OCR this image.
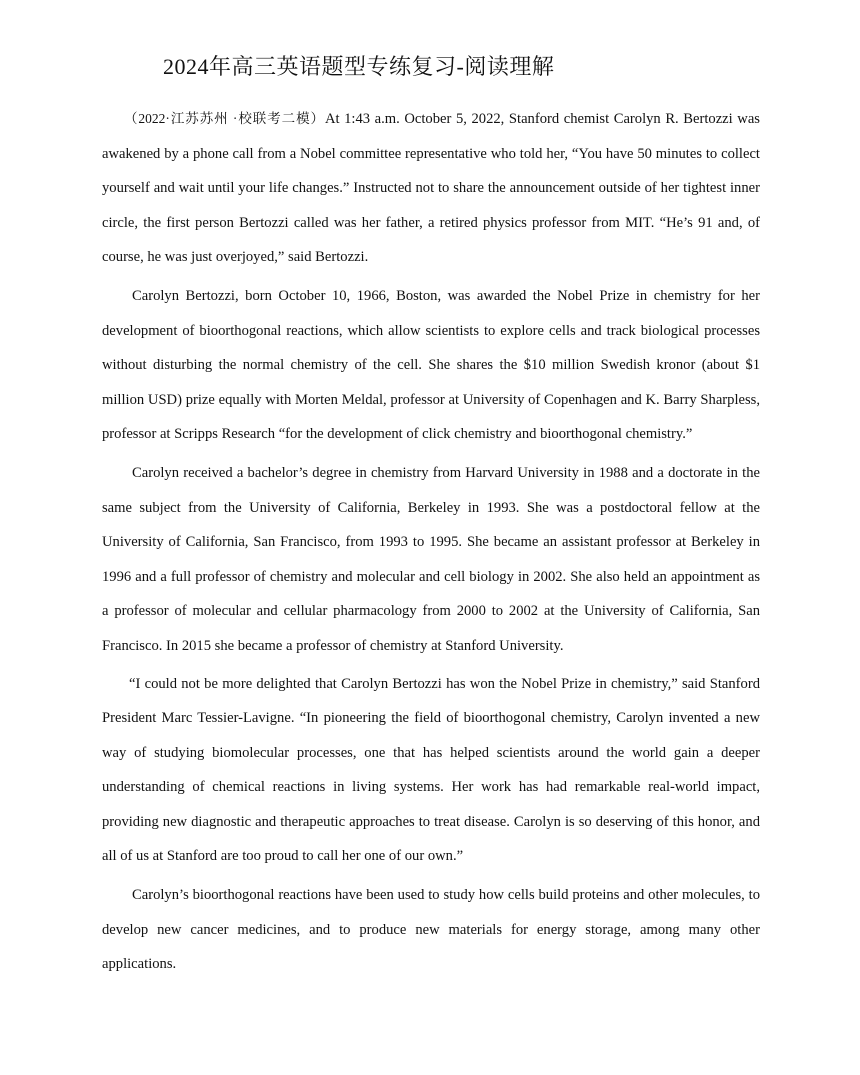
2024年高三英语题型专练复习-阅读理解

（2022·江苏苏州 ·校联考二模）At 1:43 a.m. October 5, 2022, Stanford chemist Carolyn R. Bertozzi was awakened by a phone call from a Nobel committee representative who told her, “You have 50 minutes to collect yourself and wait until your life changes.” Instructed not to share the announcement outside of her tightest inner circle, the first person Bertozzi called was her father, a retired physics professor from MIT. “He’s 91 and, of course, he was just overjoyed,” said Bertozzi.

Carolyn Bertozzi, born October 10, 1966, Boston, was awarded the Nobel Prize in chemistry for her development of bioorthogonal reactions, which allow scientists to explore cells and track biological processes without disturbing the normal chemistry of the cell. She shares the $10 million Swedish kronor (about $1 million USD) prize equally with Morten Meldal, professor at University of Copenhagen and K. Barry Sharpless, professor at Scripps Research “for the development of click chemistry and bioorthogonal chemistry.”

Carolyn received a bachelor’s degree in chemistry from Harvard University in 1988 and a doctorate in the same subject from the University of California, Berkeley in 1993. She was a postdoctoral fellow at the University of California, San Francisco, from 1993 to 1995. She became an assistant professor at Berkeley in 1996 and a full professor of chemistry and molecular and cell biology in 2002. She also held an appointment as a professor of molecular and cellular pharmacology from 2000 to 2002 at the University of California, San Francisco. In 2015 she became a professor of chemistry at Stanford University.

“I could not be more delighted that Carolyn Bertozzi has won the Nobel Prize in chemistry,” said Stanford President Marc Tessier-Lavigne. “In pioneering the field of bioorthogonal chemistry, Carolyn invented a new way of studying biomolecular processes, one that has helped scientists around the world gain a deeper understanding of chemical reactions in living systems. Her work has had remarkable real-world impact, providing new diagnostic and therapeutic approaches to treat disease. Carolyn is so deserving of this honor, and all of us at Stanford are too proud to call her one of our own.”

Carolyn’s bioorthogonal reactions have been used to study how cells build proteins and other molecules, to develop new cancer medicines, and to produce new materials for energy storage, among many other applications.
